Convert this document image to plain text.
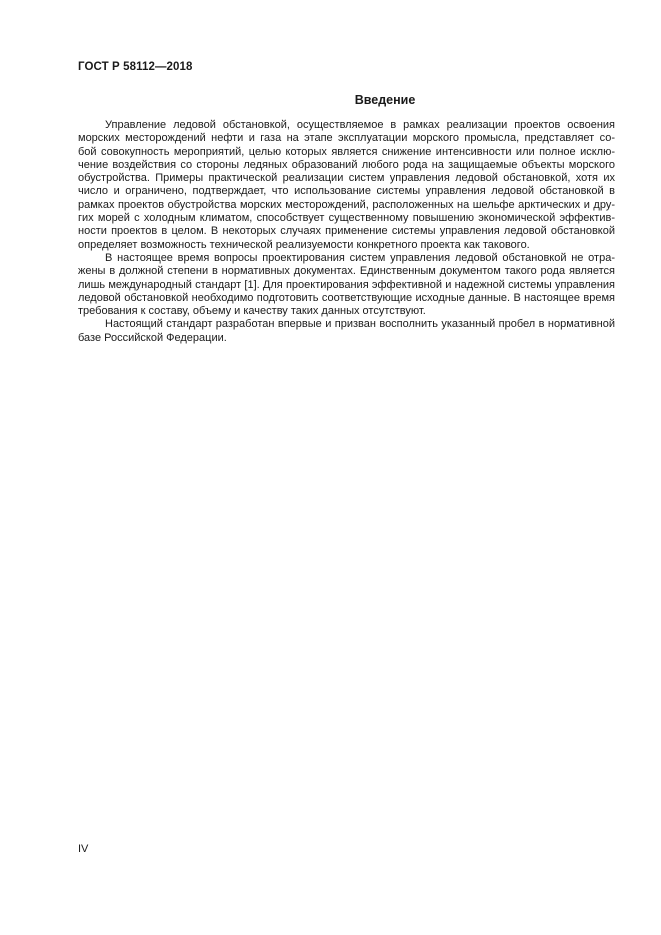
ГОСТ Р 58112—2018
Введение

Управление ледовой обстановкой, осуществляемое в рамках реализации проектов освоения
морских месторождений нефти и газа на этапе эксплуатации морского промысла, представляет со-
бой совокупность мероприятий, целью которых является снижение интенсивности или полное исклю-
чение воздействия со стороны ледяных образований любого рода на защищаемые объекты морского
обустройства. Примеры практической реализации систем управления ледовой обстановкой, хотя их
число и ограничено, подтверждает, что использование системы управления ледовой обстановкой в
рамках проектов обустройства морских месторождений, расположенных на шельфе арктических и дру-
гих морей с холодным климатом, способствует существенному повышению экономической эффектив-
ности проектов в целом. В некоторых случаях применение системы управления ледовой обстановкой
определяет возможность технической реализуемости конкретного проекта как такового.

В настоящее время вопросы проектирования систем управления ледовой обстановкой не отра-
жены в должной степени в нормативных документах. Единственным документом такого рода является
лишь международный стандарт [1]. Для проектирования эффективной и надежной системы управления
ледовой обстановкой необходимо подготовить соответствующие исходные данные. В настоящее время
требования к составу, объему и качеству таких данных отсутствуют.

Настоящий стандарт разработан впервые и призван восполнить указанный пробел в нормативной
базе Российской Федерации.

IV
